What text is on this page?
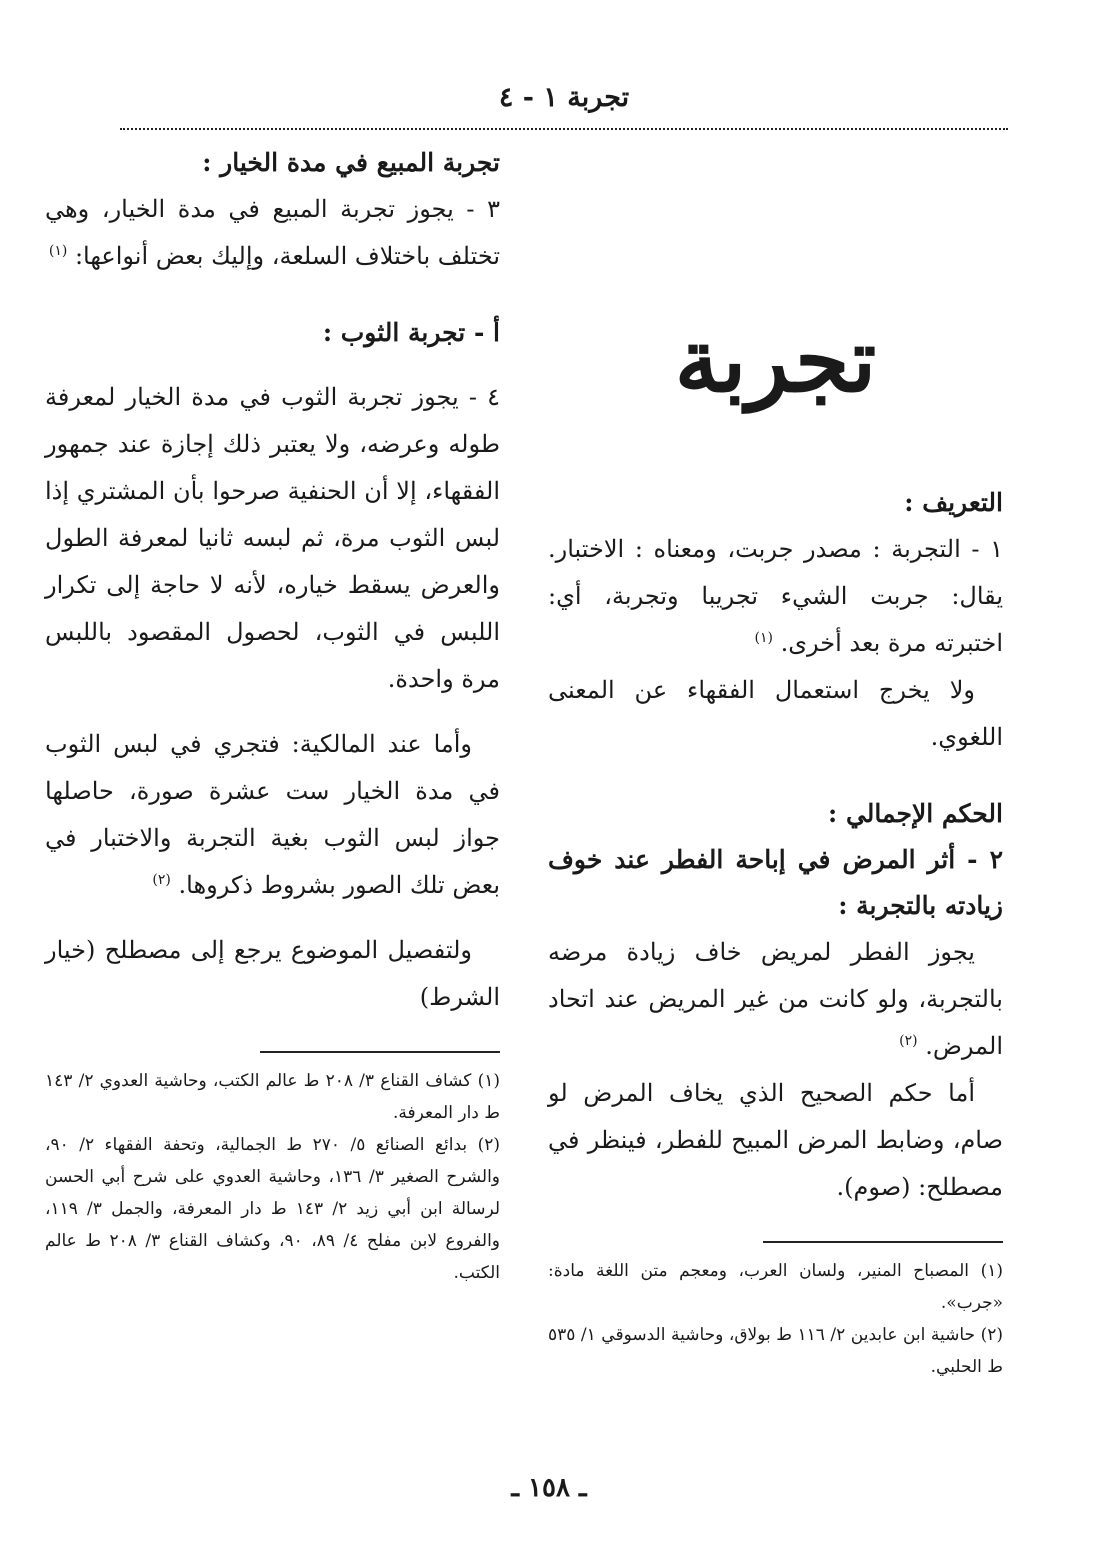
تجربة ١ - ٤
تجربة

التعريف :

١ - التجربة : مصدر جربت، ومعناه : الاختبار. يقال: جربت الشيء تجريبا وتجربة، أي: اختبرته مرة بعد أخرى. $^{(١)}$

ولا يخرج استعمال الفقهاء عن المعنى اللغوي.

الحكم الإجمالي :

٢ - أثر المرض في إباحة الفطر عند خوف زيادته بالتجربة :

يجوز الفطر لمريض خاف زيادة مرضه بالتجربة، ولو كانت من غير المريض عند اتحاد المرض. $^{(٢)}$

أما حكم الصحيح الذي يخاف المرض لو صام، وضابط المرض المبيح للفطر، فينظر في مصطلح: (صوم).

(١) المصباح المنير، ولسان العرب، ومعجم متن اللغة مادة: «جرب».

(٢) حاشية ابن عابدين ٢/ ١١٦ ط بولاق، وحاشية الدسوقي ١/ ٥٣٥ ط الحلبي.

تجربة المبيع في مدة الخيار :

٣ - يجوز تجربة المبيع في مدة الخيار، وهي تختلف باختلاف السلعة، وإليك بعض أنواعها: $^{(١)}$

أ - تجربة الثوب :

٤ - يجوز تجربة الثوب في مدة الخيار لمعرفة طوله وعرضه، ولا يعتبر ذلك إجازة عند جمهور الفقهاء، إلا أن الحنفية صرحوا بأن المشتري إذا لبس الثوب مرة، ثم لبسه ثانيا لمعرفة الطول والعرض يسقط خياره، لأنه لا حاجة إلى تكرار اللبس في الثوب، لحصول المقصود باللبس مرة واحدة.

وأما عند المالكية: فتجري في لبس الثوب في مدة الخيار ست عشرة صورة، حاصلها جواز لبس الثوب بغية التجربة والاختبار في بعض تلك الصور بشروط ذكروها. $^{(٢)}$

ولتفصيل الموضوع يرجع إلى مصطلح (خيار الشرط)

(١) كشاف القناع ٣/ ٢٠٨ ط عالم الكتب، وحاشية العدوي ٢/ ١٤٣ ط دار المعرفة.

(٢) بدائع الصنائع ٥/ ٢٧٠ ط الجمالية، وتحفة الفقهاء ٢/ ٩٠، والشرح الصغير ٣/ ١٣٦، وحاشية العدوي على شرح أبي الحسن لرسالة ابن أبي زيد ٢/ ١٤٣ ط دار المعرفة، والجمل ٣/ ١١٩، والفروع لابن مفلح ٤/ ٨٩، ٩٠، وكشاف القناع ٣/ ٢٠٨ ط عالم الكتب.

ـ ١٥٨ ـ
